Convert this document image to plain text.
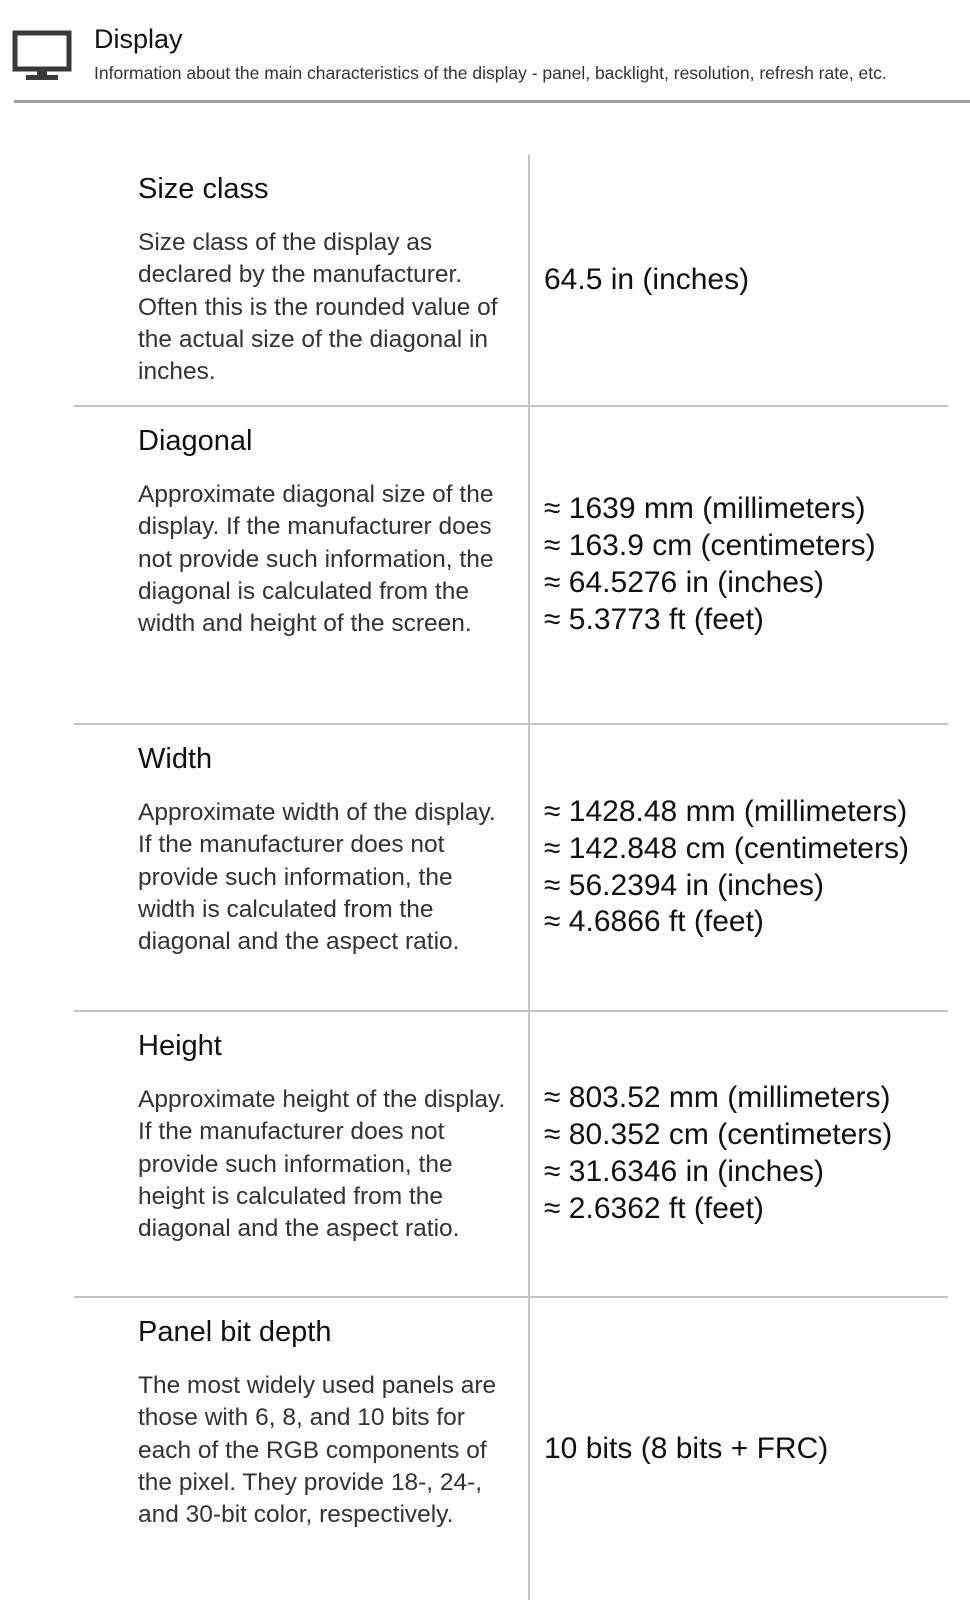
Display
Information about the main characteristics of the display - panel, backlight, resolution, refresh rate, etc.
Size class
Size class of the display as declared by the manufacturer. Often this is the rounded value of the actual size of the diagonal in inches.
64.5 in (inches)
Diagonal
Approximate diagonal size of the display. If the manufacturer does not provide such information, the diagonal is calculated from the width and height of the screen.
≈ 1639 mm (millimeters)
≈ 163.9 cm (centimeters)
≈ 64.5276 in (inches)
≈ 5.3773 ft (feet)
Width
Approximate width of the display. If the manufacturer does not provide such information, the width is calculated from the diagonal and the aspect ratio.
≈ 1428.48 mm (millimeters)
≈ 142.848 cm (centimeters)
≈ 56.2394 in (inches)
≈ 4.6866 ft (feet)
Height
Approximate height of the display. If the manufacturer does not provide such information, the height is calculated from the diagonal and the aspect ratio.
≈ 803.52 mm (millimeters)
≈ 80.352 cm (centimeters)
≈ 31.6346 in (inches)
≈ 2.6362 ft (feet)
Panel bit depth
The most widely used panels are those with 6, 8, and 10 bits for each of the RGB components of the pixel. They provide 18-, 24-, and 30-bit color, respectively.
10 bits (8 bits + FRC)
